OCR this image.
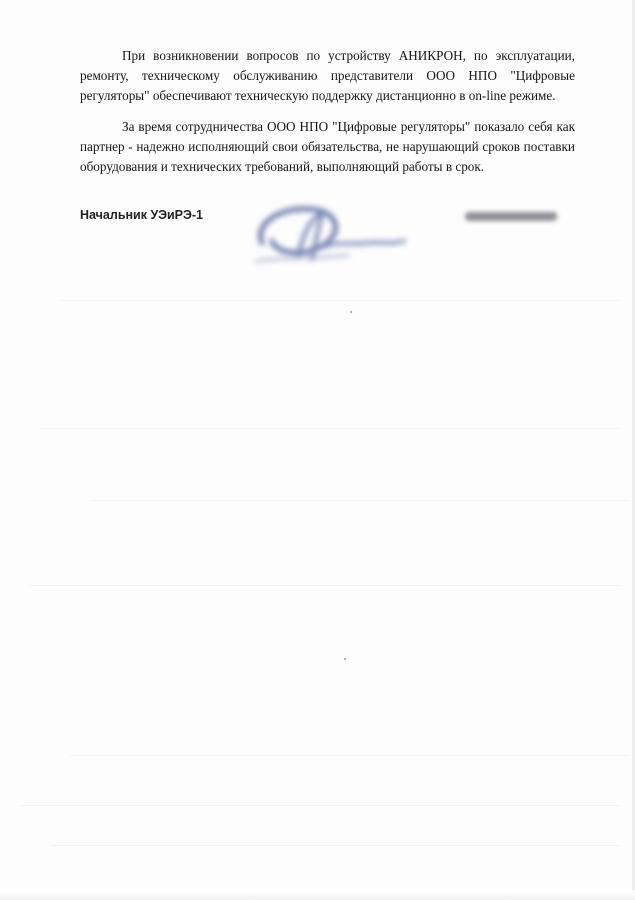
При возникновении вопросов по устройству АНИКРОН, по эксплуатации, ремонту, техническому обслуживанию представители ООО НПО "Цифровые регуляторы" обеспечивают техническую поддержку дистанционно в on-line режиме.

За время сотрудничества ООО НПО "Цифровые регуляторы" показало себя как партнер - надежно исполняющий свои обязательства, не нарушающий сроков поставки оборудования и технических требований, выполняющий работы в срок.

Начальник УЭиРЭ-1
